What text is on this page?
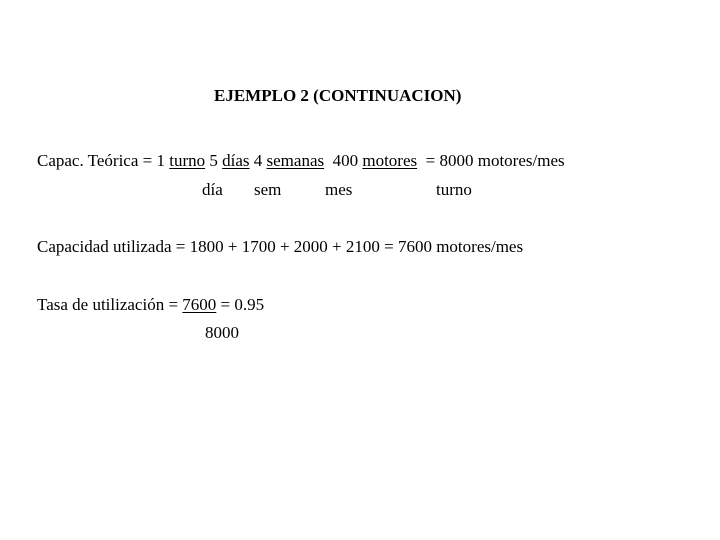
EJEMPLO 2 (CONTINUACION)
Capac. Teórica = 1 turno 5 días 4 semanas 400 motores = 8000 motores/mes
día sem	mes	turno
Capacidad utilizada = 1800 + 1700 + 2000 + 2100 = 7600 motores/mes
Tasa de utilización = 7600 = 0.95
8000
